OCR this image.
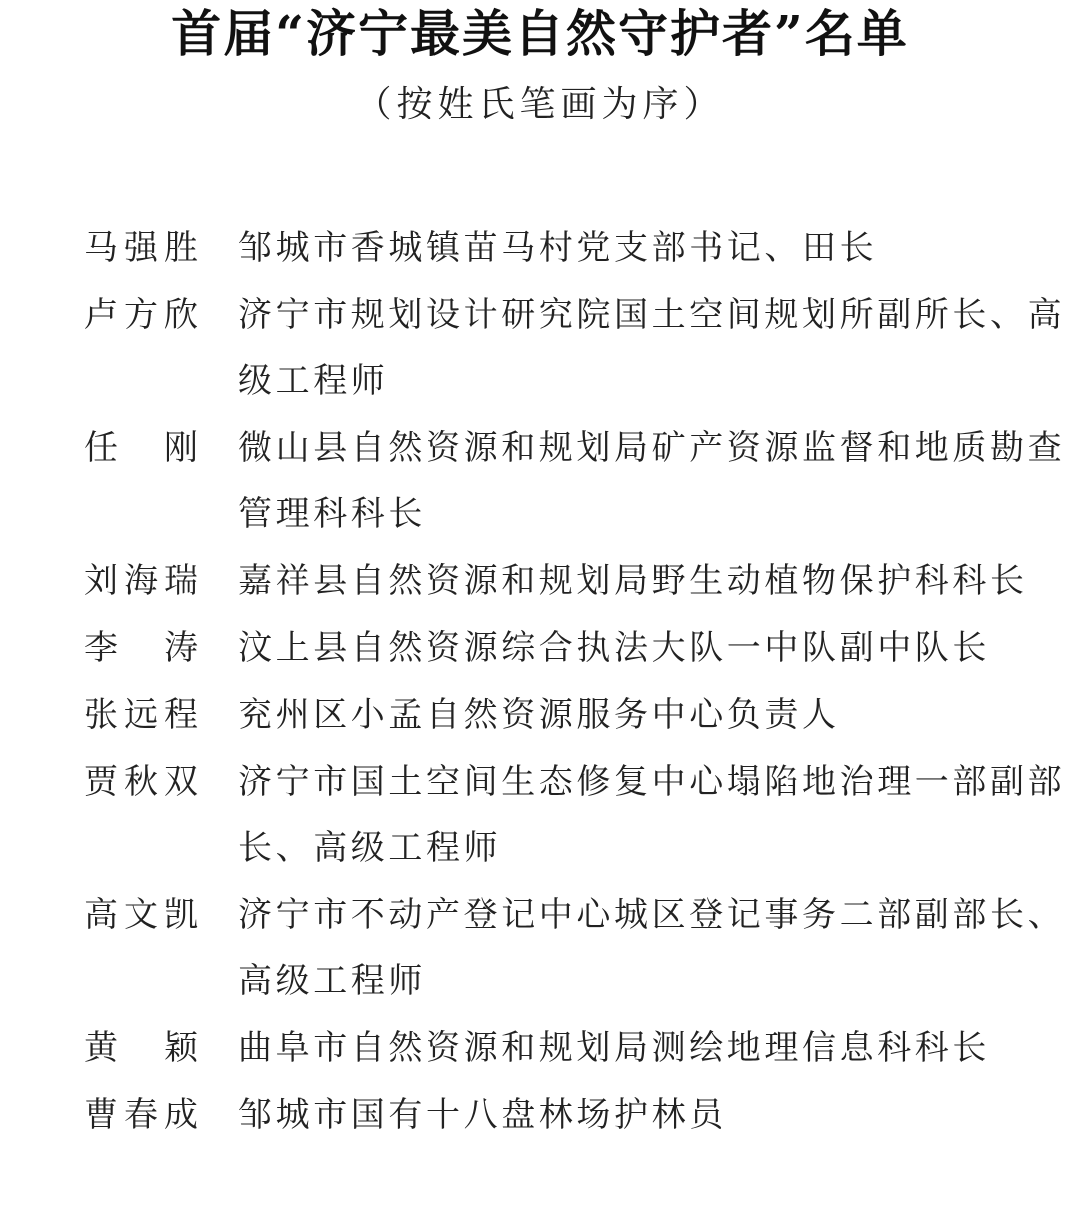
首届“济宁最美自然守护者”名单
（按姓氏笔画为序）
马强胜	邹城市香城镇苗马村党支部书记、田长
卢方欣	济宁市规划设计研究院国土空间规划所副所长、高级工程师
任　刚	微山县自然资源和规划局矿产资源监督和地质勘查管理科科长
刘海瑞	嘉祥县自然资源和规划局野生动植物保护科科长
李　涛	汶上县自然资源综合执法大队一中队副中队长
张远程	兖州区小孟自然资源服务中心负责人
贾秋双	济宁市国土空间生态修复中心塌陷地治理一部副部长、高级工程师
高文凯	济宁市不动产登记中心城区登记事务二部副部长、高级工程师
黄　颖	曲阜市自然资源和规划局测绘地理信息科科长
曹春成	邹城市国有十八盘林场护林员
